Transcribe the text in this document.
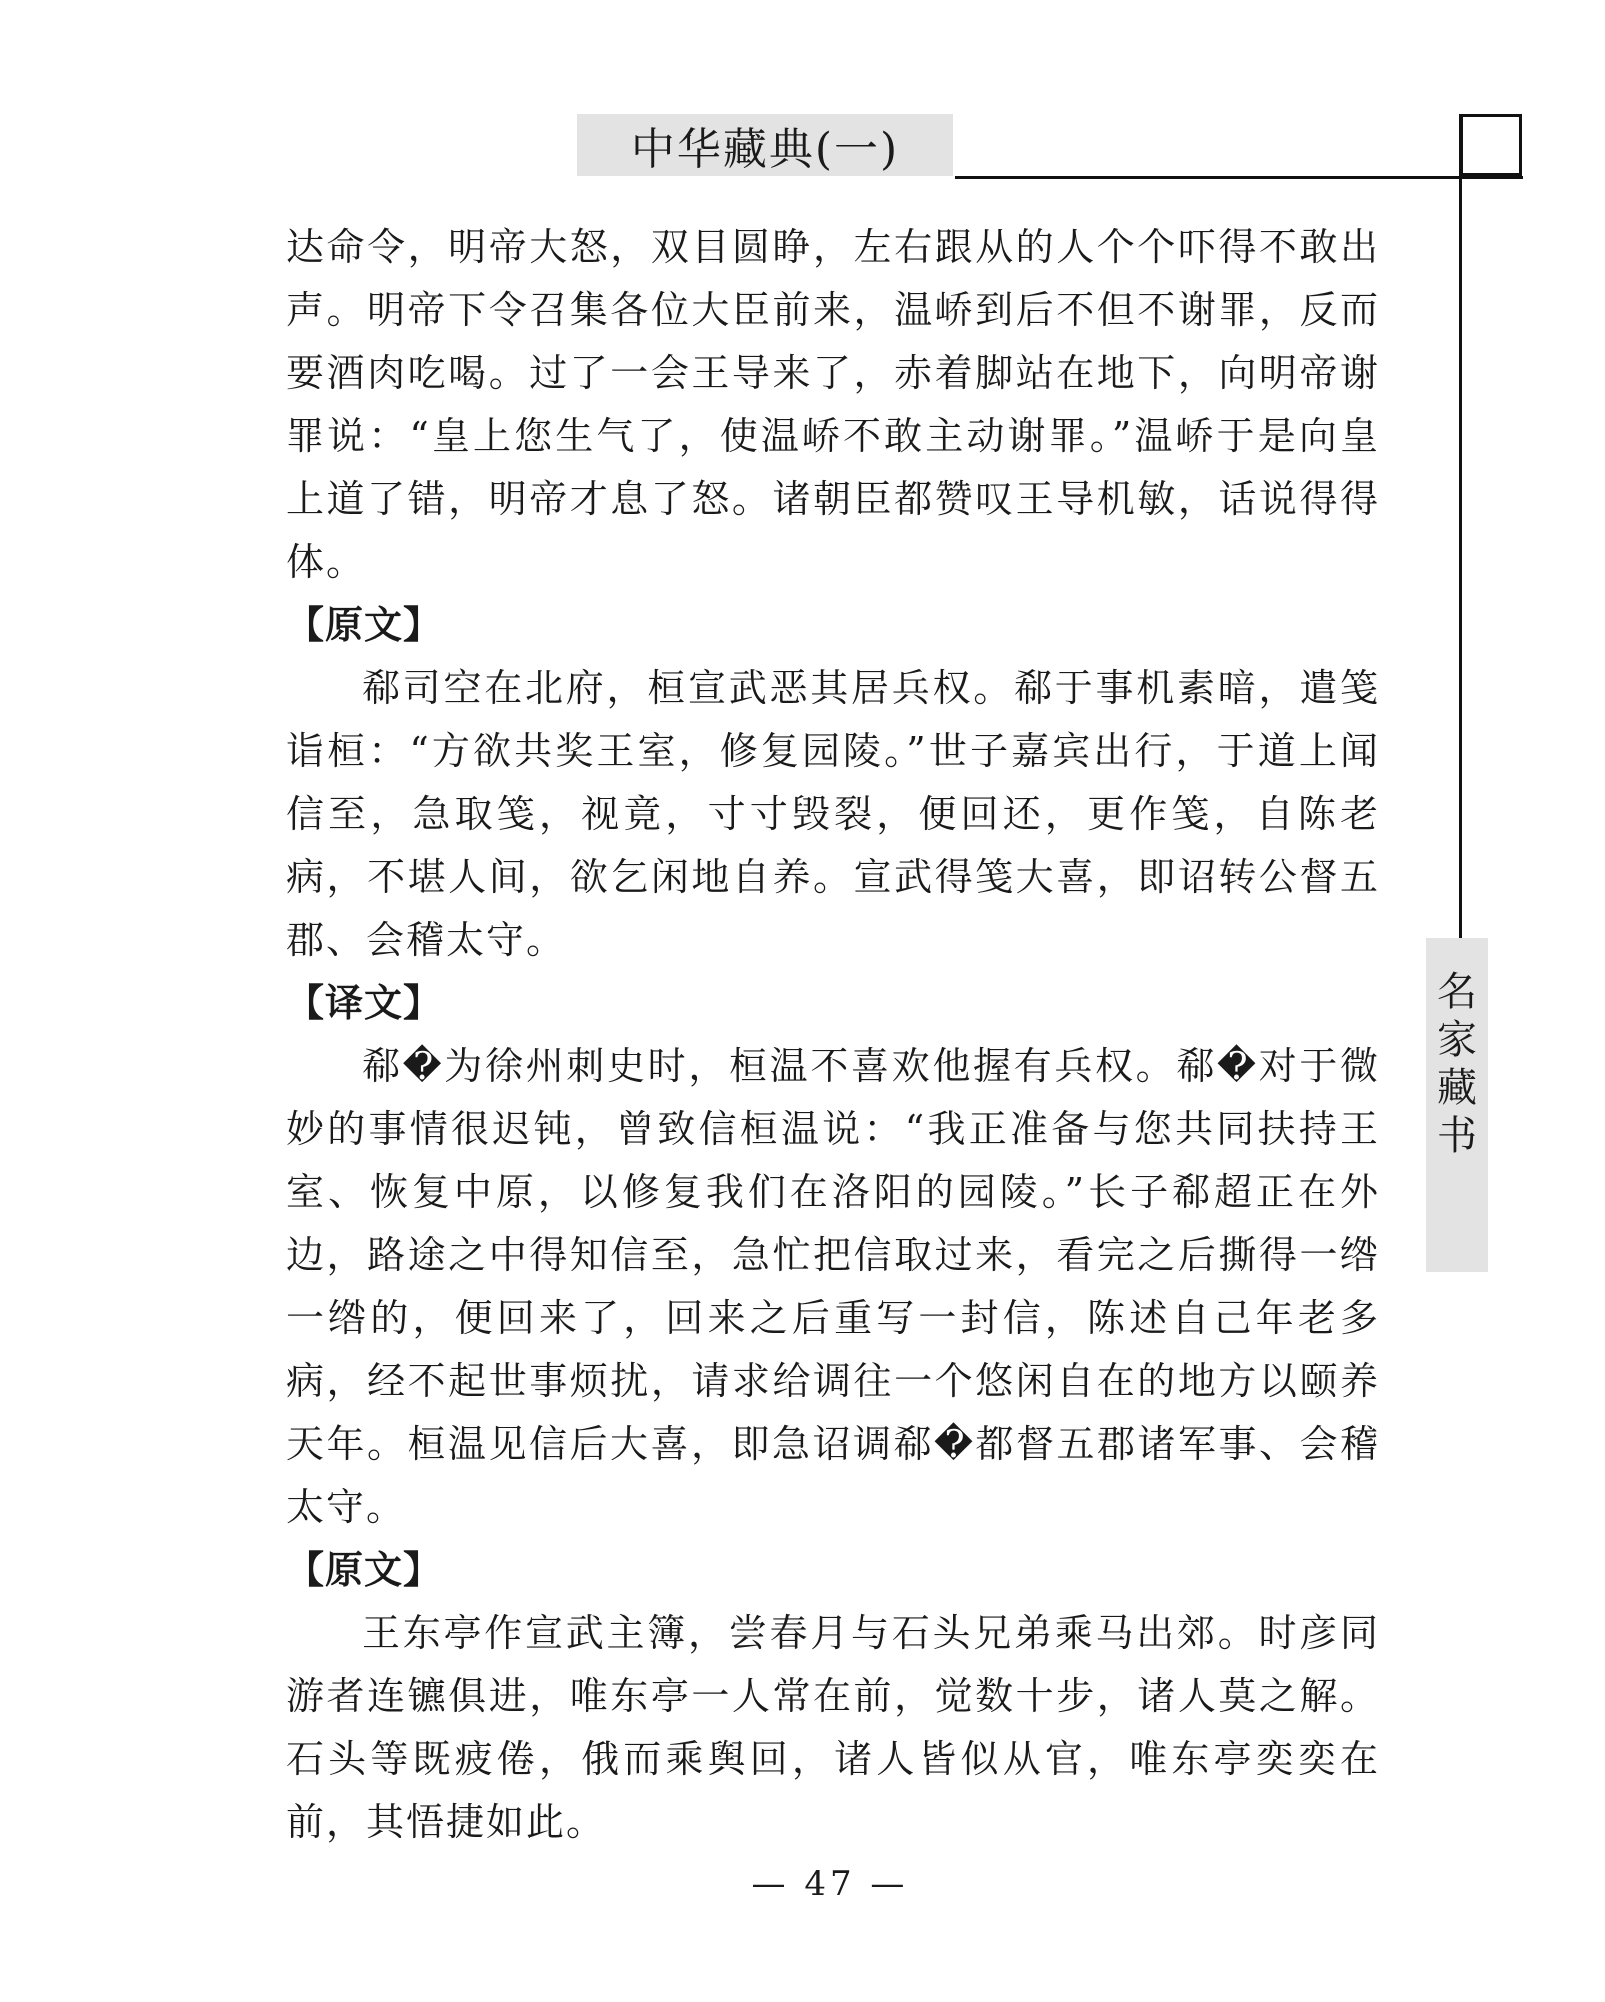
中华藏典(一)
名
家
藏
书

达命令，明帝大怒，双目圆睁，左右跟从的人个个吓得不敢出声。明帝下令召集各位大臣前来，温峤到后不但不谢罪，反而要酒肉吃喝。过了一会王导来了，赤着脚站在地下，向明帝谢罪说：“皇上您生气了，使温峤不敢主动谢罪。”温峤于是向皇上道了错，明帝才息了怒。诸朝臣都赞叹王导机敏，话说得得体。

【原文】

郗司空在北府，桓宣武恶其居兵权。郗于事机素暗，遣笺诣桓：“方欲共奖王室，修复园陵。”世子嘉宾出行，于道上闻信至，急取笺，视竟，寸寸毁裂，便回还，更作笺，自陈老病，不堪人间，欲乞闲地自养。宣武得笺大喜，即诏转公督五郡、会稽太守。

【译文】

郗�为徐州刺史时，桓温不喜欢他握有兵权。郗�对于微妙的事情很迟钝，曾致信桓温说：“我正准备与您共同扶持王室、恢复中原，以修复我们在洛阳的园陵。”长子郗超正在外边，路途之中得知信至，急忙把信取过来，看完之后撕得一绺一绺的，便回来了，回来之后重写一封信，陈述自己年老多病，经不起世事烦扰，请求给调往一个悠闲自在的地方以颐养天年。桓温见信后大喜，即急诏调郗�都督五郡诸军事、会稽太守。

【原文】

王东亭作宣武主簿，尝春月与石头兄弟乘马出郊。时彦同游者连镳俱进，唯东亭一人常在前，觉数十步，诸人莫之解。石头等既疲倦，俄而乘舆回，诸人皆似从官，唯东亭奕奕在前，其悟捷如此。

— 47 —
